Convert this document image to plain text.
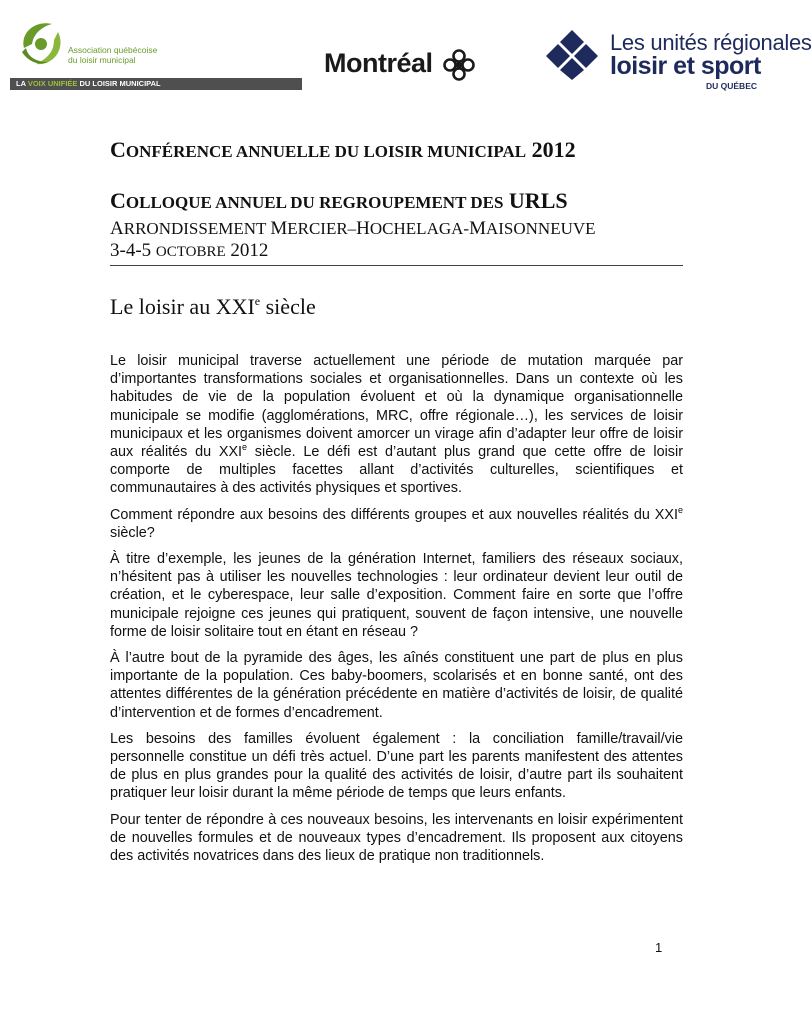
Association québécoise
du loisir municipal
LA VOIX UNIFIÉE DU LOISIR MUNICIPAL
Montréal
Les unités régionales
loisir et sport
DU QUÉBEC
CONFÉRENCE ANNUELLE DU LOISIR MUNICIPAL 2012
COLLOQUE ANNUEL DU REGROUPEMENT DES URLS
ARRONDISSEMENT MERCIER–HOCHELAGA-MAISONNEUVE
3-4-5 OCTOBRE 2012
Le loisir au XXIe siècle

Le loisir municipal traverse actuellement une période de mutation marquée par d’importantes transformations sociales et organisationnelles. Dans un contexte où les habitudes de vie de la population évoluent et où la dynamique organisationnelle municipale se modifie (agglomérations, MRC, offre régionale…), les services de loisir municipaux et les organismes doivent amorcer un virage afin d’adapter leur offre de loisir aux réalités du XXIe siècle. Le défi est d’autant plus grand que cette offre de loisir comporte de multiples facettes allant d’activités culturelles, scientifiques et communautaires à des activités physiques et sportives.

Comment répondre aux besoins des différents groupes et aux nouvelles réalités du XXIe siècle?

À titre d’exemple, les jeunes de la génération Internet, familiers des réseaux sociaux, n’hésitent pas à utiliser les nouvelles technologies : leur ordinateur devient leur outil de création, et le cyberespace, leur salle d’exposition. Comment faire en sorte que l’offre municipale rejoigne ces jeunes qui pratiquent, souvent de façon intensive, une nouvelle forme de loisir solitaire tout en étant en réseau ?

À l’autre bout de la pyramide des âges, les aînés constituent une part de plus en plus importante de la population. Ces baby-boomers, scolarisés et en bonne santé, ont des attentes différentes de la génération précédente en matière d’activités de loisir, de qualité d’intervention et de formes d’encadrement.

Les besoins des familles évoluent également : la conciliation famille/travail/vie personnelle constitue un défi très actuel. D’une part les parents manifestent des attentes de plus en plus grandes pour la qualité des activités de loisir, d’autre part ils souhaitent pratiquer leur loisir durant la même période de temps que leurs enfants.

Pour tenter de répondre à ces nouveaux besoins, les intervenants en loisir expérimentent de nouvelles formules et de nouveaux types d’encadrement. Ils proposent aux citoyens des activités novatrices dans des lieux de pratique non traditionnels.

1
